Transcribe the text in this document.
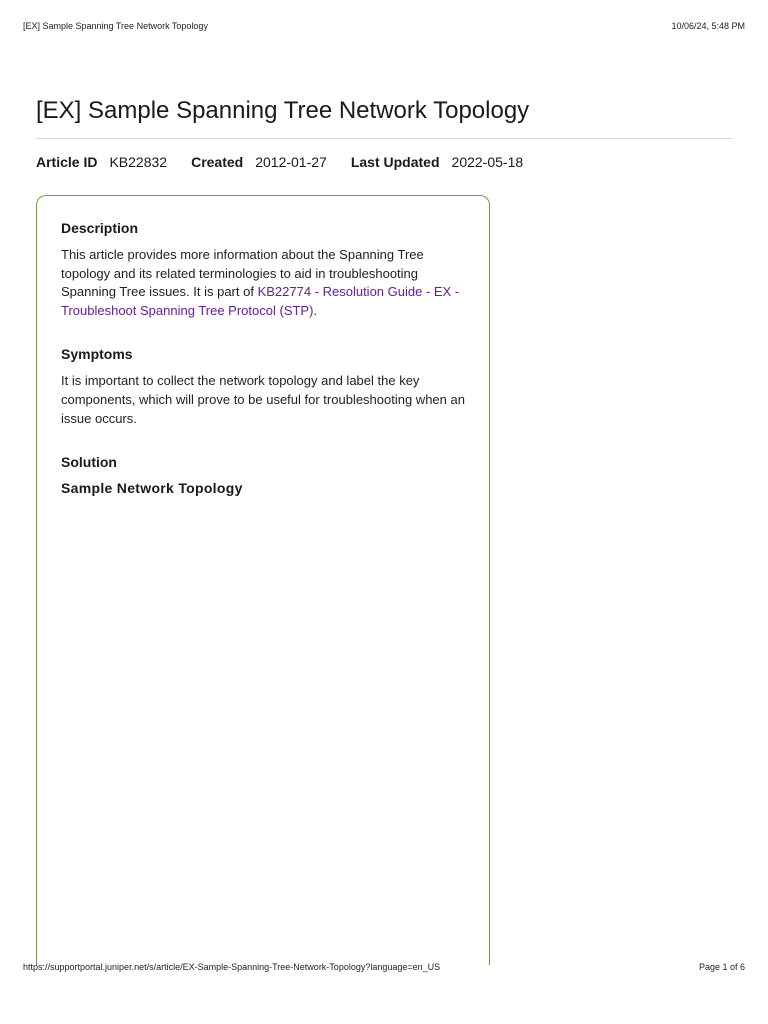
[EX] Sample Spanning Tree Network Topology	10/06/24, 5:48 PM
[EX] Sample Spanning Tree Network Topology
Article ID KB22832 Created 2012-01-27 Last Updated 2022-05-18
Description

This article provides more information about the Spanning Tree topology and its related terminologies to aid in troubleshooting Spanning Tree issues. It is part of KB22774 - Resolution Guide - EX - Troubleshoot Spanning Tree Protocol (STP).

Symptoms

It is important to collect the network topology and label the key components, which will prove to be useful for troubleshooting when an issue occurs.

Solution
Sample Network Topology
https://supportportal.juniper.net/s/article/EX-Sample-Spanning-Tree-Network-Topology?language=en_US	Page 1 of 6
